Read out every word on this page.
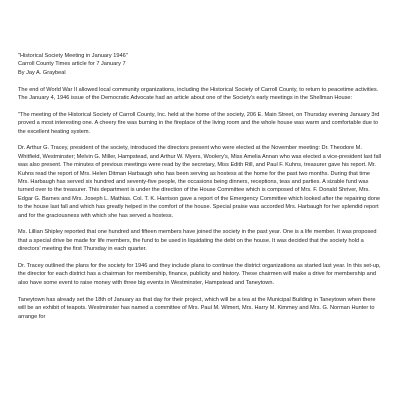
"Historical Society Meeting in January 1946"
Carroll County Times article for 7 January 7
By Jay A. Graybeal

The end of World War II allowed local community organizations, including the Historical Society of Carroll County, to return to peacetime activities. The January 4, 1946 issue of the Democratic Advocate had an article about one of the Society's early meetings in the Shellman House:

"The meeting of the Historical Society of Carroll County, Inc. held at the home of the society, 206 E. Main Street, on Thursday evening January 3rd proved a most interesting one. A cheery fire was burning in the fireplace of the living room and the whole house was warm and comfortable due to the excellent heating system.

Dr. Arthur G. Tracey, president of the society, introduced the directors present who were elected at the November meeting: Dr. Theodore M. Whitfield, Westminster; Melvin G. Miller, Hampstead, and Arthur W. Myers, Woolery's, Miss Amelia Annan who was elected a vice-president last fall was also present. The minutes of previous meetings were read by the secretary, Miss Edith Rill, and Paul F. Kuhns, treasurer gave his report. Mr. Kuhns read the report of Mrs. Helen Ditman Harbaugh who has been serving as hostess at the home for the past two months. During that time Mrs. Harbaugh has served six hundred and seventy-five people, the occasions being dinners, receptions, teas and parties. A sizable fund was turned over to the treasurer. This department is under the direction of the House Committee which is composed of Mrs. F. Donald Shriver, Mrs. Edgar G. Barnes and Mrs. Joseph L. Mathias. Col. T. K. Harrison gave a report of the Emergency Committee which looked after the repairing done to the house last fall and which has greatly helped in the comfort of the house. Special praise was accorded Mrs. Harbaugh for her splendid report and for the graciousness with which she has served a hostess.

Ms. Lillian Shipley reported that one hundred and fifteen members have joined the society in the past year. One is a life member. It was proposed that a special drive be made for life members, the fund to be used in liquidating the debt on the house. It was decided that the society hold a directors' meeting the first Thursday in each quarter.

Dr. Tracey outlined the plans for the society for 1946 and they include plans to continue the district organizations as started last year. In this set-up, the director for each district has a chairman for membership, finance, publicity and history. These chairmen will make a drive for membership and also have some event to raise money with three big events in Westminster, Hampstead and Taneytown.

Taneytown has already set the 18th of January as that day for their project, which will be a tea at the Municipal Building in Taneytown when there will be an exhibit of teapots. Westminster has named a committee of Mrs. Paul M. Wimert, Mrs. Harry M. Kimmey and Mrs. G. Norman Hunter to arrange for
